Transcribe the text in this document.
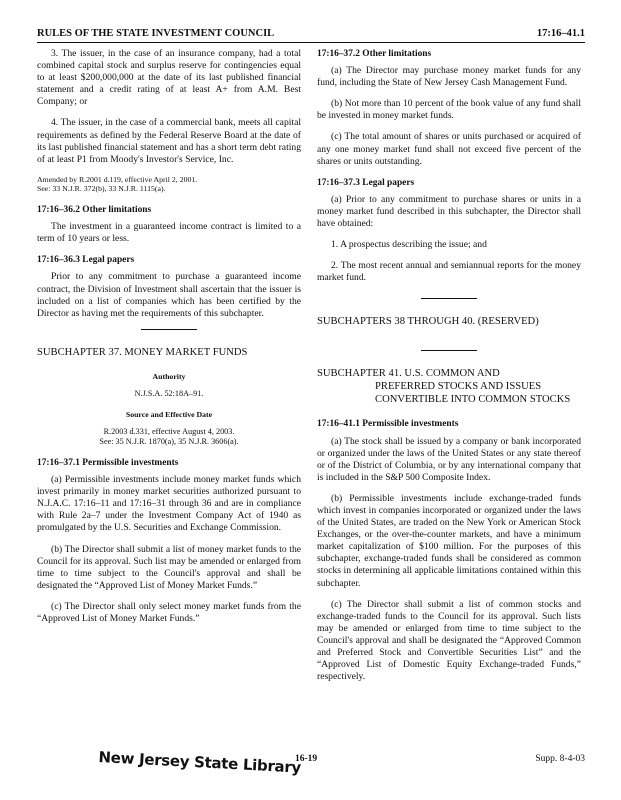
RULES OF THE STATE INVESTMENT COUNCIL	17:16–41.1

3. The issuer, in the case of an insurance company, had a total combined capital stock and surplus reserve for contingencies equal to at least $200,000,000 at the date of its last published financial statement and a credit rating of at least A+ from A.M. Best Company; or

4. The issuer, in the case of a commercial bank, meets all capital requirements as defined by the Federal Reserve Board at the date of its last published financial statement and has a short term debt rating of at least P1 from Moody's Investor's Service, Inc.

Amended by R.2001 d.119, effective April 2, 2001.
See: 33 N.J.R. 372(b), 33 N.J.R. 1115(a).
17:16–36.2 Other limitations

The investment in a guaranteed income contract is limited to a term of 10 years or less.

17:16–36.3 Legal papers

Prior to any commitment to purchase a guaranteed income contract, the Division of Investment shall ascertain that the issuer is included on a list of companies which has been certified by the Director as having met the requirements of this subchapter.

SUBCHAPTER 37. MONEY MARKET FUNDS
Authority
N.J.S.A. 52:18A–91.
Source and Effective Date
R.2003 d.331, effective August 4, 2003.
See: 35 N.J.R. 1870(a), 35 N.J.R. 3606(a).
17:16–37.1 Permissible investments

(a) Permissible investments include money market funds which invest primarily in money market securities authorized pursuant to N.J.A.C. 17:16–11 and 17:16–31 through 36 and are in compliance with Rule 2a–7 under the Investment Company Act of 1940 as promulgated by the U.S. Securities and Exchange Commission.

(b) The Director shall submit a list of money market funds to the Council for its approval. Such list may be amended or enlarged from time to time subject to the Council's approval and shall be designated the “Approved List of Money Market Funds.”

(c) The Director shall only select money market funds from the “Approved List of Money Market Funds.”

17:16–37.2 Other limitations

(a) The Director may purchase money market funds for any fund, including the State of New Jersey Cash Management Fund.

(b) Not more than 10 percent of the book value of any fund shall be invested in money market funds.

(c) The total amount of shares or units purchased or acquired of any one money market fund shall not exceed five percent of the shares or units outstanding.

17:16–37.3 Legal papers

(a) Prior to any commitment to purchase shares or units in a money market fund described in this subchapter, the Director shall have obtained:

1. A prospectus describing the issue; and

2. The most recent annual and semiannual reports for the money market fund.

SUBCHAPTERS 38 THROUGH 40. (RESERVED)
SUBCHAPTER 41. U.S. COMMON AND
PREFERRED STOCKS AND ISSUES
CONVERTIBLE INTO COMMON STOCKS
17:16–41.1 Permissible investments

(a) The stock shall be issued by a company or bank incorporated or organized under the laws of the United States or any state thereof or of the District of Columbia, or by any international company that is included in the S&P 500 Composite Index.

(b) Permissible investments include exchange-traded funds which invest in companies incorporated or organized under the laws of the United States, are traded on the New York or American Stock Exchanges, or the over-the-counter markets, and have a minimum market capitalization of $100 million. For the purposes of this subchapter, exchange-traded funds shall be considered as common stocks in determining all applicable limitations contained within this subchapter.

(c) The Director shall submit a list of common stocks and exchange-traded funds to the Council for its approval. Such lists may be amended or enlarged from time to time subject to the Council's approval and shall be designated the “Approved Common and Preferred Stock and Convertible Securities List” and the “Approved List of Domestic Equity Exchange-traded Funds,” respectively.

New Jersey State Library
16-19	Supp. 8-4-03
